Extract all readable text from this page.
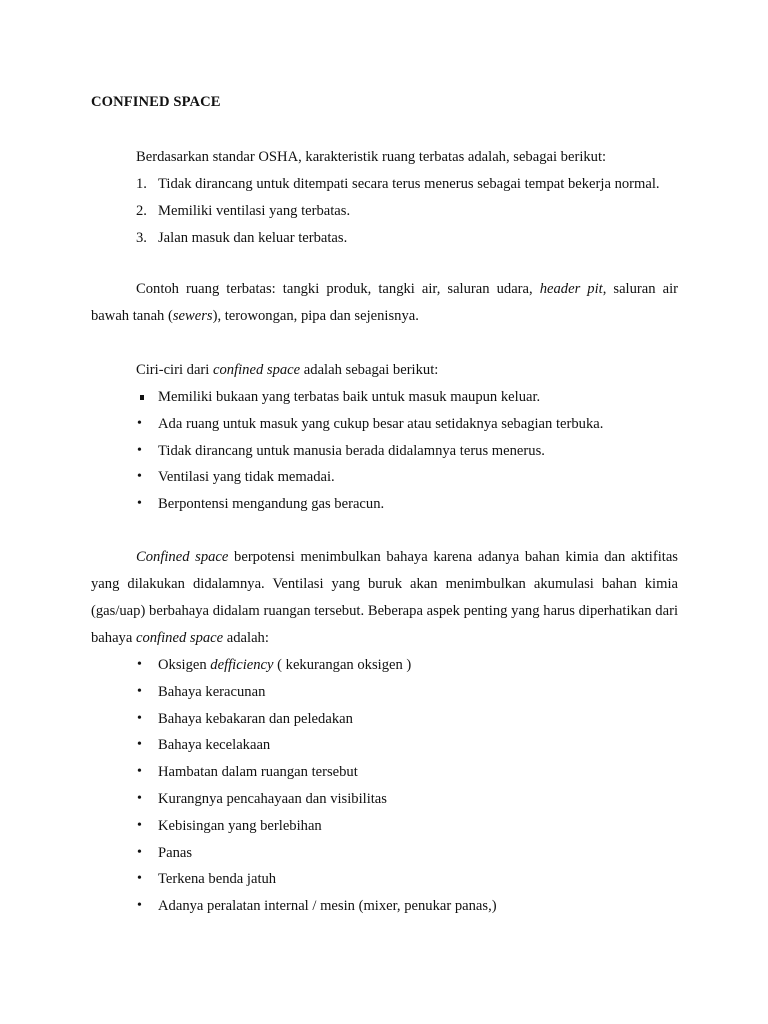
CONFINED SPACE
Berdasarkan standar OSHA, karakteristik ruang terbatas adalah, sebagai berikut:
1. Tidak dirancang untuk ditempati secara terus menerus sebagai tempat bekerja normal.
2. Memiliki ventilasi yang terbatas.
3. Jalan masuk dan keluar terbatas.
Contoh ruang terbatas: tangki produk, tangki air, saluran udara, header pit, saluran air bawah tanah (sewers), terowongan, pipa dan sejenisnya.
Ciri-ciri dari confined space adalah sebagai berikut:
Memiliki bukaan yang terbatas baik untuk masuk maupun keluar.
• Ada ruang untuk masuk yang cukup besar atau setidaknya sebagian terbuka.
• Tidak dirancang untuk manusia berada didalamnya terus menerus.
• Ventilasi yang tidak memadai.
• Berpontensi mengandung gas beracun.
Confined space berpotensi menimbulkan bahaya karena adanya bahan kimia dan aktifitas yang dilakukan didalamnya. Ventilasi yang buruk akan menimbulkan akumulasi bahan kimia (gas/uap) berbahaya didalam ruangan tersebut. Beberapa aspek penting yang harus diperhatikan dari bahaya confined space adalah:
• Oksigen defficiency ( kekurangan oksigen )
• Bahaya keracunan
• Bahaya kebakaran dan peledakan
• Bahaya kecelakaan
• Hambatan dalam ruangan tersebut
• Kurangnya pencahayaan dan visibilitas
• Kebisingan yang berlebihan
• Panas
• Terkena benda jatuh
• Adanya peralatan internal / mesin (mixer, penukar panas,)
